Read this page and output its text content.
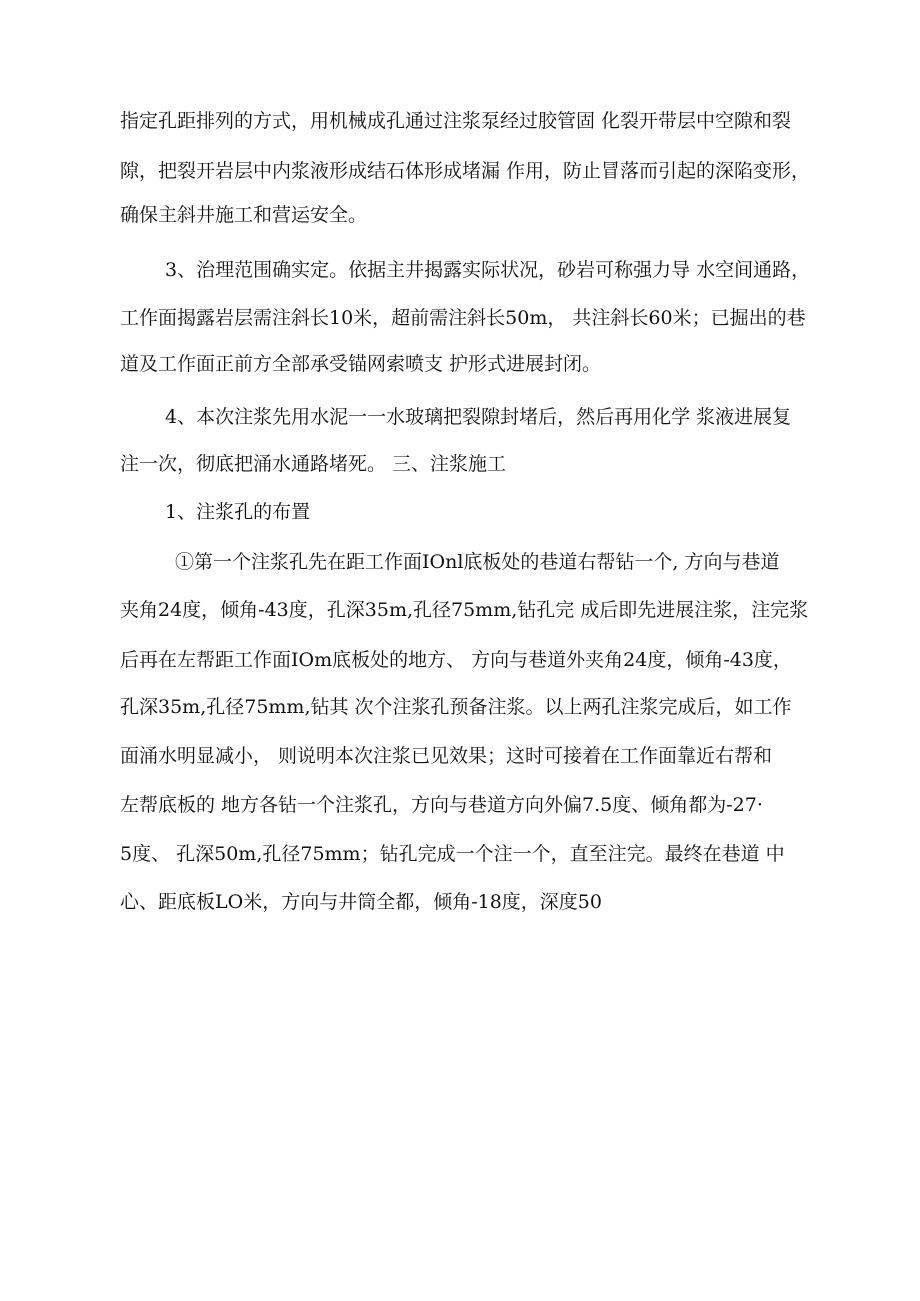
指定孔距排列的方式，用机械成孔通过注浆泵经过胶管固 化裂开带层中空隙和裂
隙，把裂开岩层中内浆液形成结石体形成堵漏 作用，防止冒落而引起的深陷变形，
确保主斜井施工和营运安全。
3、治理范围确实定。依据主井揭露实际状况，砂岩可称强力导 水空间通路，
工作面揭露岩层需注斜长10米，超前需注斜长50m， 共注斜长60米；已掘出的巷
道及工作面正前方全部承受锚网索喷支 护形式进展封闭。
4、本次注浆先用水泥一一水玻璃把裂隙封堵后，然后再用化学 浆液进展复
注一次，彻底把涌水通路堵死。 三、注浆施工
1、注浆孔的布置
①第一个注浆孔先在距工作面IOnl底板处的巷道右帮钻一个, 方向与巷道
夹角24度，倾角-43度，孔深35m,孔径75mm,钻孔完 成后即先进展注浆，注完浆
后再在左帮距工作面IOm底板处的地方、 方向与巷道外夹角24度，倾角-43度，
孔深35m,孔径75mm,钻其 次个注浆孔预备注浆。以上两孔注浆完成后，如工作
面涌水明显减小， 则说明本次注浆已见效果；这时可接着在工作面靠近右帮和
左帮底板的 地方各钻一个注浆孔，方向与巷道方向外偏7.5度、倾角都为-27·
5度、 孔深50m,孔径75mm；钻孔完成一个注一个，直至注完。最终在巷道 中
心、距底板LO米，方向与井筒全都，倾角-18度，深度50
